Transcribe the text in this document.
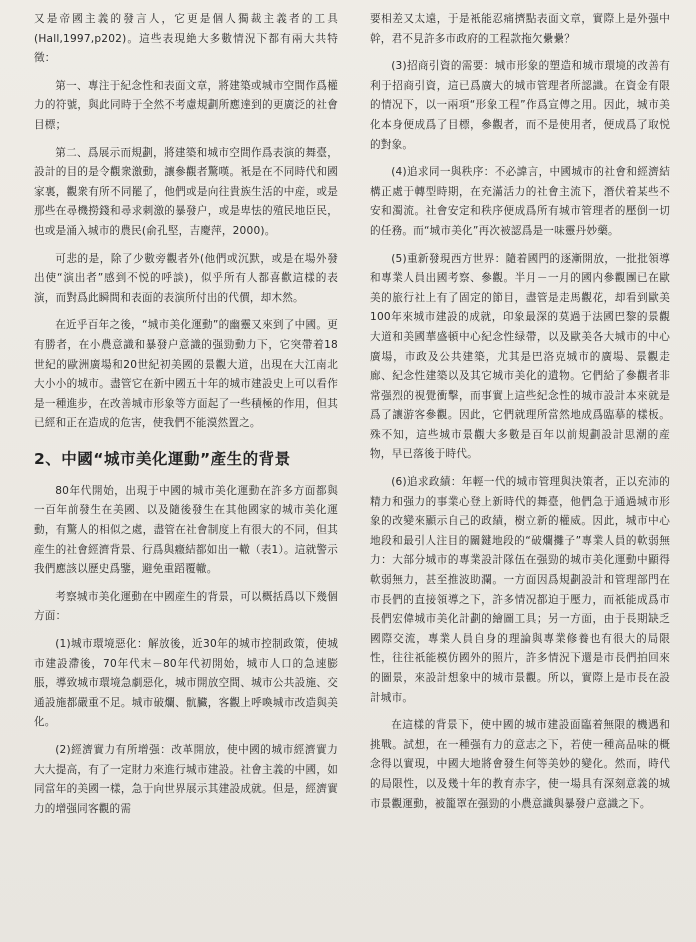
又是帝國主義的發言人，它更是個人獨裁主義者的工具(Hall,1997,p202)。這些表現絶大多數情況下都有兩大共特徵：

第一、專注于紀念性和表面文章，將建築或城市空間作爲權力的符號，與此同時于全然不考慮規劃所應達到的更廣泛的社會目標；

第二、爲展示而規劃，將建築和城市空間作爲表演的舞臺，設計的目的是令觀衆激動，讓參觀者驚嘆。衹是在不同時代和國家裏，觀衆有所不同罷了，他們或是向往貴族生活的中産，或是那些在尋機撈錢和尋求刺激的暴發户，或是卑怯的殖民地臣民，也或是涌入城市的農民(俞孔堅，吉慶萍，2000)。

可悲的是，除了少數旁觀者外(他們或沉默，或是在場外發出使“演出者”感到不悦的呼談)，似乎所有人都喜歡這樣的表演，而對爲此瞬間和表面的表演所付出的代價，却木然。

在近乎百年之後，“城市美化運動”的幽靈又來到了中國。更有勝者，在小農意識和暴發户意識的强勁動力下，它突帶着18世紀的歐洲廣場和20世紀初美國的景觀大道，出現在大江南北大小小的城市。盡管它在新中國五十年的城市建設史上可以看作是一種進步，在改善城市形象等方面起了一些積極的作用，但其已經和正在造成的危害，使我們不能漠然置之。

2、中國“城市美化運動”產生的背景

80年代開始，出現于中國的城市美化運動在許多方面都與一百年前發生在美國、以及隨後發生在其他國家的城市美化運動，有驚人的相似之處，盡管在社會制度上有很大的不同，但其産生的社會經濟背景、行爲與癥結都如出一轍（表1）。這就警示我們應該以歷史爲鑒，避免重蹈覆轍。

考察城市美化運動在中國産生的背景，可以概括爲以下幾個方面：

(1)城市環境惡化：解放後，近30年的城市控制政策，使城市建設滯後，70年代末－80年代初開始，城市人口的急速膨脹，導致城市環境急劇惡化，城市開放空間、城市公共設施、交通設施都嚴重不足。城市破爛、骯臟，客觀上呼喚城市改造與美化。

(2)經濟實力有所增强：改革開放，使中國的城市經濟實力大大提高，有了一定財力來進行城市建設。社會主義的中國，如同當年的美國一樣，急于向世界展示其建設成就。但是，經濟實力的增强同客觀的需

要相差又太遠，于是衹能忍痛擠點表面文章，實際上是外强中幹，君不見許多市政府的工程款拖欠纍纍？

(3)招商引資的需要：城市形象的塑造和城市環境的改善有利于招商引資，這已爲廣大的城市管理者所認識。在資金有限的情况下，以一兩項“形象工程”作爲宣傳之用。因此，城市美化本身便成爲了目標，參觀者，而不是使用者，便成爲了取悦的對象。

(4)追求同一與秩序：不必諱言，中國城市的社會和經濟結構正處于轉型時期，在充滿活力的社會主流下，潛伏着某些不安和濁流。社會安定和秩序便成爲所有城市管理者的壓倒一切的任務。而“城市美化”再次被認爲是一味靈丹妙藥。

(5)重新發現西方世界：隨着國門的逐漸開放，一批批領導和專業人員出國考察、參觀。半月－一月的國内參觀團已在歐美的旅行社上有了固定的節目，盡管是走馬觀花，却看到歐美100年來城市建設的成就，印象最深的莫過于法國巴黎的景觀大道和美國華盛頓中心紀念性绿帶，以及歐美各大城市的中心廣場，市政及公共建築，尤其是巴洛克城市的廣場、景觀走廊、紀念性建築以及其它城市美化的遺物。它們給了參觀者非常强烈的視覺衝擊，而事實上這些紀念性的城市設計本來就是爲了讓游客參觀。因此，它們就理所當然地成爲臨摹的樣板。殊不知，這些城市景觀大多數是百年以前規劃設計思潮的産物，早已落後于時代。

(6)追求政績：年輕一代的城市管理與決策者，正以充沛的精力和强力的事業心登上新時代的舞臺，他們急于通過城市形象的改變來顯示自己的政績，樹立新的權威。因此，城市中心地段和最引人注目的關鍵地段的“破爛攤子”專業人員的軟弱無力：大部分城市的專業設計隊伍在强勁的城市美化運動中顯得軟弱無力，甚至推波助瀾。一方面因爲規劃設計和管理部門在市長們的直接領導之下，許多情况都迫于壓力，而祇能成爲市長們宏偉城市美化計劃的繪圖工具；另一方面，由于長期缺乏國際交流，專業人員自身的理論與專業修養也有很大的局限性，往往祇能模仿國外的照片，許多情況下還是市長們拍回來的圖景，來設計想象中的城市景觀。所以，實際上是市長在設計城市。

在這樣的背景下，使中國的城市建設面臨着無限的機遇和挑戰。試想，在一種强有力的意志之下，若使一種高品味的概念得以實現，中國大地將會發生何等美妙的變化。然而，時代的局限性，以及幾十年的教育赤字，使一場具有深刻意義的城市景觀運動，被籠罩在强勁的小農意識與暴發户意識之下。
